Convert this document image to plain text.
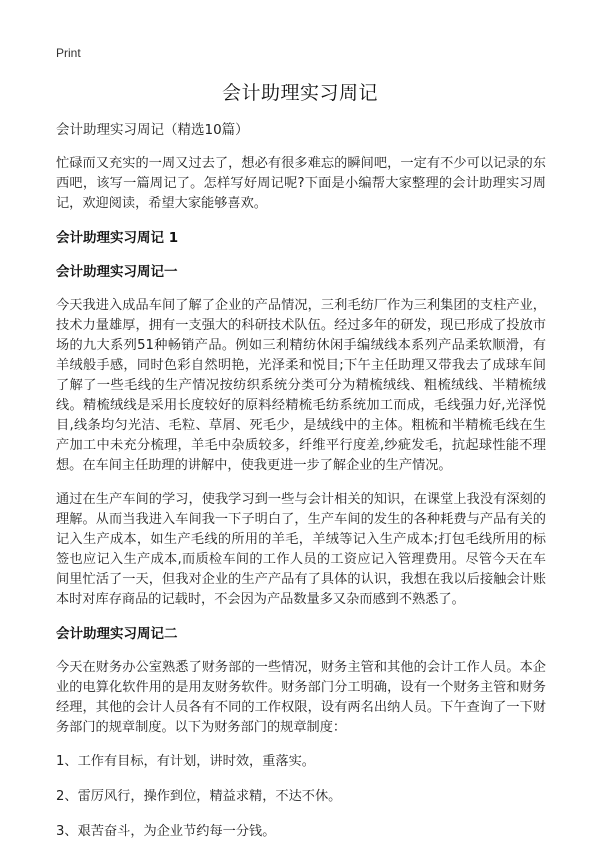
Print
会计助理实习周记
会计助理实习周记（精选10篇）

忙碌而又充实的一周又过去了，想必有很多难忘的瞬间吧，一定有不少可以记录的东西吧，该写一篇周记了。怎样写好周记呢?下面是小编帮大家整理的会计助理实习周记，欢迎阅读，希望大家能够喜欢。

会计助理实习周记 1
会计助理实习周记一

今天我进入成品车间了解了企业的产品情况，三利毛纺厂作为三利集团的支柱产业，技术力量雄厚，拥有一支强大的科研技术队伍。经过多年的研发，现已形成了投放市场的九大系列51种畅销产品。例如三利精纺休闲手编绒线本系列产品柔软顺滑，有羊绒般手感，同时色彩自然明艳，光泽柔和悦目;下午主任助理又带我去了成球车间了解了一些毛线的生产情况按纺织系统分类可分为精梳绒线、粗梳绒线、半精梳绒线。精梳绒线是采用长度较好的原料经精梳毛纺系统加工而成，毛线强力好,光泽悦目,线条均匀光洁、毛粒、草屑、死毛少，是绒线中的主体。粗梳和半精梳毛线在生产加工中未充分梳理，羊毛中杂质较多，纤维平行度差,纱疵发毛，抗起球性能不理想。在车间主任助理的讲解中，使我更进一步了解企业的生产情况。

通过在生产车间的学习，使我学习到一些与会计相关的知识，在课堂上我没有深刻的理解。从而当我进入车间我一下子明白了，生产车间的发生的各种耗费与产品有关的记入生产成本，如生产毛线的所用的羊毛，羊绒等记入生产成本;打包毛线所用的标签也应记入生产成本,而质检车间的工作人员的工资应记入管理费用。尽管今天在车间里忙活了一天，但我对企业的生产产品有了具体的认识，我想在我以后接触会计账本时对库存商品的记载时，不会因为产品数量多又杂而感到不熟悉了。

会计助理实习周记二

今天在财务办公室熟悉了财务部的一些情况，财务主管和其他的会计工作人员。本企业的电算化软件用的是用友财务软件。财务部门分工明确，设有一个财务主管和财务经理，其他的会计人员各有不同的工作权限，设有两名出纳人员。下午查询了一下财务部门的规章制度。以下为财务部门的规章制度：

1、工作有目标，有计划，讲时效，重落实。
2、雷厉风行，操作到位，精益求精，不达不休。
3、艰苦奋斗，为企业节约每一分钱。
